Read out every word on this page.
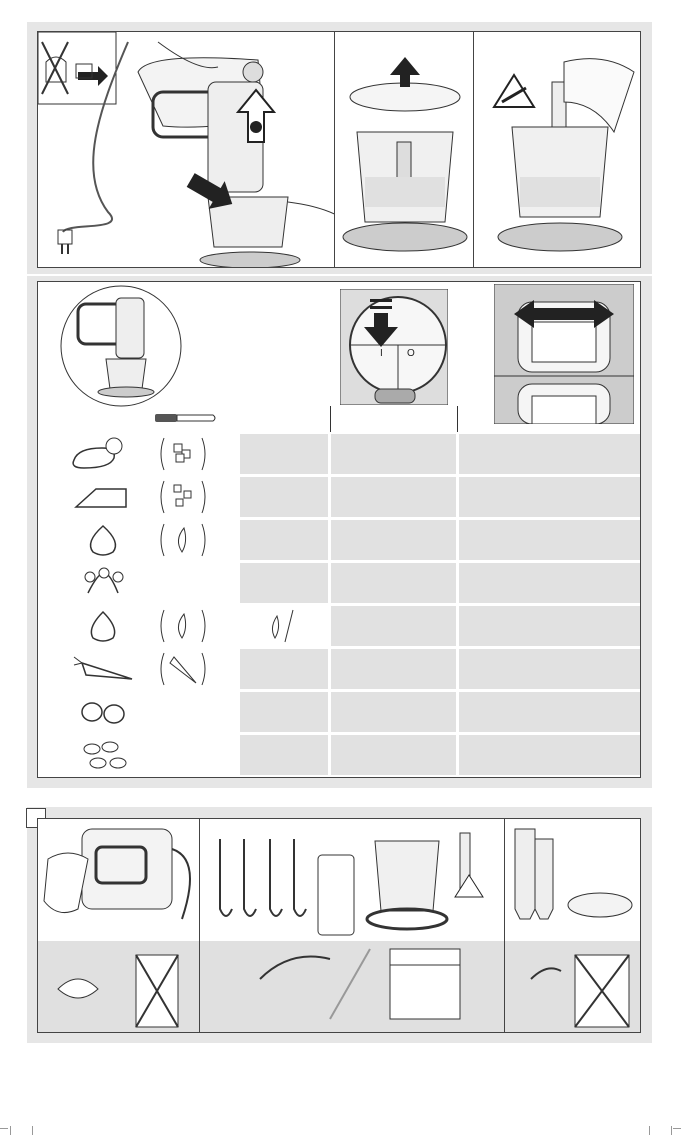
I O
